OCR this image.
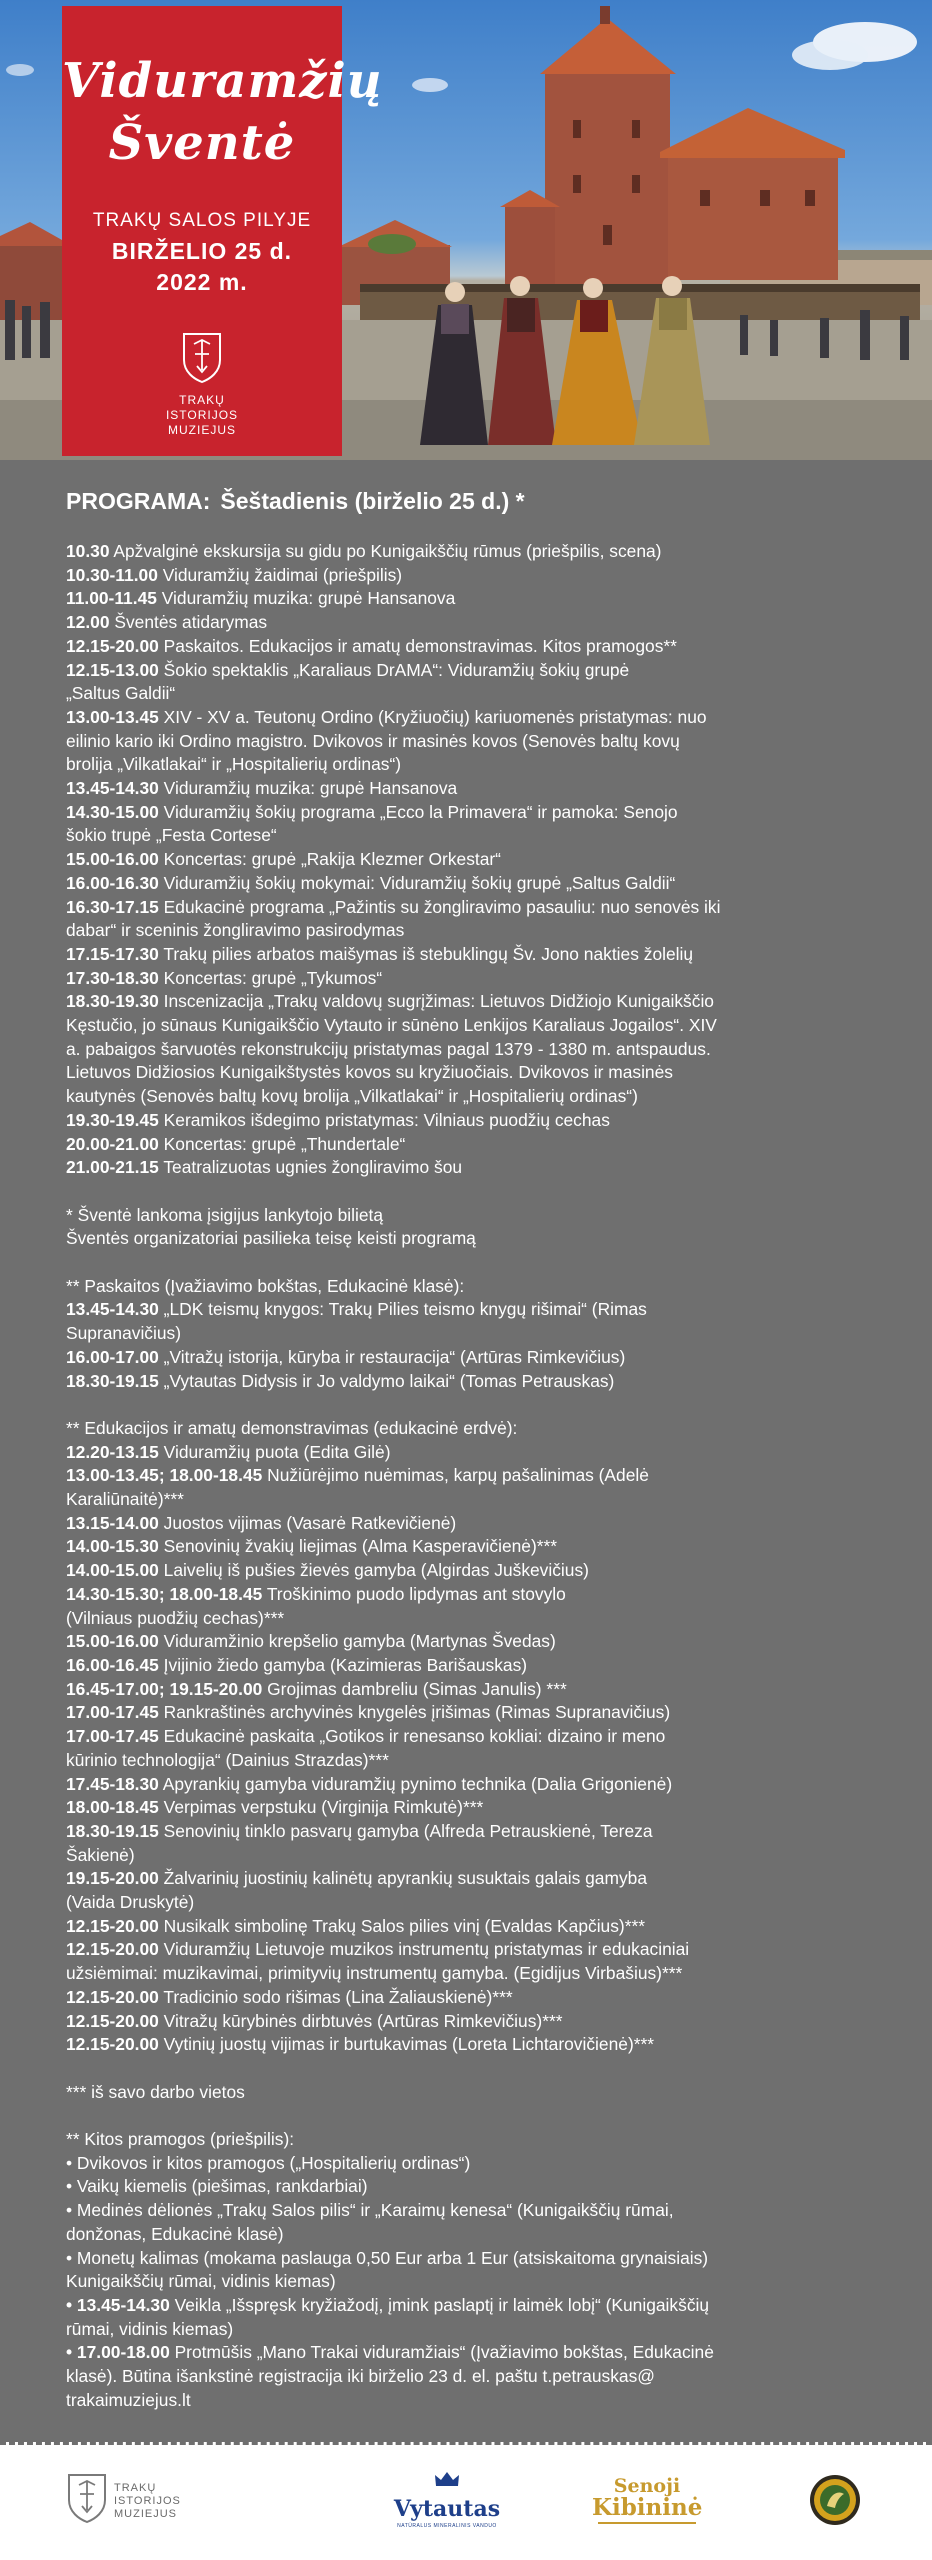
Viduramžių
Šventė
TRAKŲ SALOS PILYJE
BIRŽELIO 25 d.
2022 m.
TRAKŲ
ISTORIJOS
MUZIEJUS
PROGRAMA: Šeštadienis (birželio 25 d.) *
10.30 Apžvalginė ekskursija su gidu po Kunigaikščių rūmus (priešpilis, scena)
10.30-11.00 Viduramžių žaidimai (priešpilis)
11.00-11.45 Viduramžių muzika: grupė Hansanova
12.00 Šventės atidarymas
12.15-20.00 Paskaitos. Edukacijos ir amatų demonstravimas. Kitos pramogos**
12.15-13.00 Šokio spektaklis „Karaliaus DrAMA“: Viduramžių šokių grupė
„Saltus Galdii“
13.00-13.45 XIV - XV a. Teutonų Ordino (Kryžiuočių) kariuomenės pristatymas: nuo
eilinio kario iki Ordino magistro. Dvikovos ir masinės kovos (Senovės baltų kovų
brolija „Vilkatlakai“ ir „Hospitalierių ordinas“)
13.45-14.30 Viduramžių muzika: grupė Hansanova
14.30-15.00 Viduramžių šokių programa „Ecco la Primavera“ ir pamoka: Senojo
šokio trupė „Festa Cortese“
15.00-16.00 Koncertas: grupė „Rakija Klezmer Orkestar“
16.00-16.30 Viduramžių šokių mokymai: Viduramžių šokių grupė „Saltus Galdii“
16.30-17.15 Edukacinė programa „Pažintis su žongliravimo pasauliu: nuo senovės iki
dabar“ ir sceninis žongliravimo pasirodymas
17.15-17.30 Trakų pilies arbatos maišymas iš stebuklingų Šv. Jono nakties žolelių
17.30-18.30 Koncertas: grupė „Tykumos“
18.30-19.30 Inscenizacija „Trakų valdovų sugrįžimas: Lietuvos Didžiojo Kunigaikščio
Kęstučio, jo sūnaus Kunigaikščio Vytauto ir sūnėno Lenkijos Karaliaus Jogailos“. XIV
a. pabaigos šarvuotės rekonstrukcijų pristatymas pagal 1379 - 1380 m. antspaudus.
Lietuvos Didžiosios Kunigaikštystės kovos su kryžiuočiais. Dvikovos ir masinės
kautynės (Senovės baltų kovų brolija „Vilkatlakai“ ir „Hospitalierių ordinas“)
19.30-19.45 Keramikos išdegimo pristatymas: Vilniaus puodžių cechas
20.00-21.00 Koncertas: grupė „Thundertale“
21.00-21.15 Teatralizuotas ugnies žongliravimo šou
* Šventė lankoma įsigijus lankytojo bilietą
Šventės organizatoriai pasilieka teisę keisti programą
** Paskaitos (Įvažiavimo bokštas, Edukacinė klasė):
13.45-14.30 „LDK teismų knygos: Trakų Pilies teismo knygų rišimai“ (Rimas
Supranavičius)
16.00-17.00 „Vitražų istorija, kūryba ir restauracija“ (Artūras Rimkevičius)
18.30-19.15 „Vytautas Didysis ir Jo valdymo laikai“ (Tomas Petrauskas)
** Edukacijos ir amatų demonstravimas (edukacinė erdvė):
12.20-13.15 Viduramžių puota (Edita Gilė)
13.00-13.45; 18.00-18.45 Nužiūrėjimo nuėmimas, karpų pašalinimas (Adelė
Karaliūnaitė)***
13.15-14.00 Juostos vijimas (Vasarė Ratkevičienė)
14.00-15.30 Senovinių žvakių liejimas (Alma Kasperavičienė)***
14.00-15.00 Laivelių iš pušies žievės gamyba (Algirdas Juškevičius)
14.30-15.30; 18.00-18.45 Troškinimo puodo lipdymas ant stovylo
(Vilniaus puodžių cechas)***
15.00-16.00 Viduramžinio krepšelio gamyba (Martynas Švedas)
16.00-16.45 Įvijinio žiedo gamyba (Kazimieras Barišauskas)
16.45-17.00; 19.15-20.00 Grojimas dambreliu (Simas Janulis) ***
17.00-17.45 Rankraštinės archyvinės knygelės įrišimas (Rimas Supranavičius)
17.00-17.45 Edukacinė paskaita „Gotikos ir renesanso kokliai: dizaino ir meno
kūrinio technologija“ (Dainius Strazdas)***
17.45-18.30 Apyrankių gamyba viduramžių pynimo technika (Dalia Grigonienė)
18.00-18.45 Verpimas verpstuku (Virginija Rimkutė)***
18.30-19.15 Senovinių tinklo pasvarų gamyba (Alfreda Petrauskienė, Tereza
Šakienė)
19.15-20.00 Žalvarinių juostinių kalinėtų apyrankių susuktais galais gamyba
(Vaida Druskytė)
12.15-20.00 Nusikalk simbolinę Trakų Salos pilies vinį (Evaldas Kapčius)***
12.15-20.00 Viduramžių Lietuvoje muzikos instrumentų pristatymas ir edukaciniai
užsiėmimai: muzikavimai, primityvių instrumentų gamyba. (Egidijus Virbašius)***
12.15-20.00 Tradicinio sodo rišimas (Lina Žaliauskienė)***
12.15-20.00 Vitražų kūrybinės dirbtuvės (Artūras Rimkevičius)***
12.15-20.00 Vytinių juostų vijimas ir burtukavimas (Loreta Lichtarovičienė)***
*** iš savo darbo vietos
** Kitos pramogos (priešpilis):
• Dvikovos ir kitos pramogos („Hospitalierių ordinas“)
• Vaikų kiemelis (piešimas, rankdarbiai)
• Medinės dėlionės „Trakų Salos pilis“ ir „Karaimų kenesa“ (Kunigaikščių rūmai,
donžonas, Edukacinė klasė)
• Monetų kalimas (mokama paslauga 0,50 Eur arba 1 Eur (atsiskaitoma grynaisiais)
Kunigaikščių rūmai, vidinis kiemas)
• 13.45-14.30 Veikla „Išspręsk kryžiažodį, įmink paslaptį ir laimėk lobį“ (Kunigaikščių
rūmai, vidinis kiemas)
• 17.00-18.00 Protmūšis „Mano Trakai viduramžiais“ (Įvažiavimo bokštas, Edukacinė
klasė). Būtina išankstinė registracija iki birželio 23 d. el. paštu t.petrauskas@
trakaimuziejus.lt
TRAKŲ
ISTORIJOS
MUZIEJUS	Vytautas
NATŪRALUS MINERALINIS VANDUO
Senoji
Kibininė
